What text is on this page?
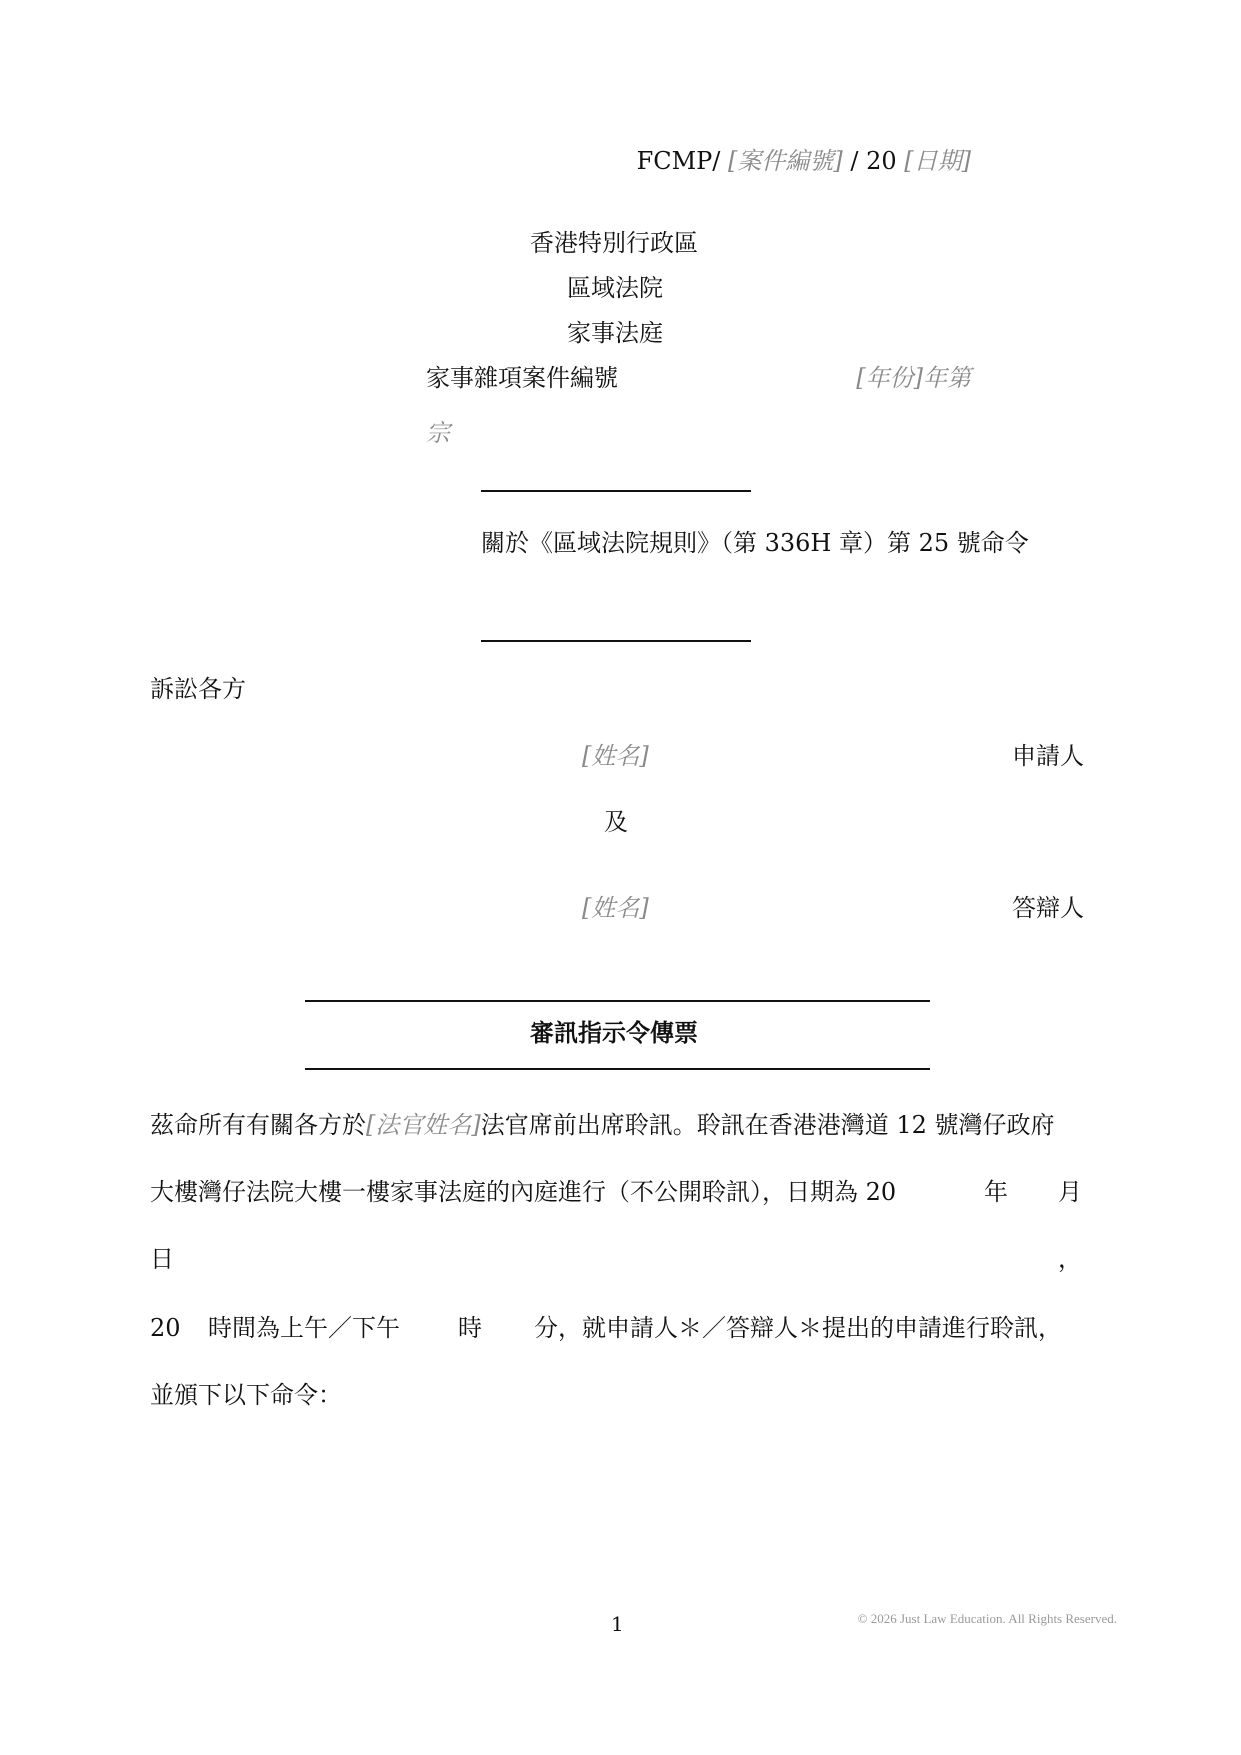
FCMP/ [案件編號] / 20 [日期]
香港特別行政區
區域法院
家事法庭
家事雜項案件編號	[年份]年第
宗
關於《區域法院規則》（第 336H 章）第 25 號命令
訴訟各方
[姓名]	申請人
及
[姓名]	答辯人
審訊指示令傳票
茲命所有有關各方於[法官姓名]法官席前出席聆訊。聆訊在香港港灣道 12 號灣仔政府
大樓灣仔法院大樓一樓家事法庭的內庭進行（不公開聆訊），日期為 20	年 月
日	，
20 時間為上午／下午 時 分，就申請人＊／答辯人＊提出的申請進行聆訊，
並頒下以下命令：
1	© 2026 Just Law Education. All Rights Reserved.
